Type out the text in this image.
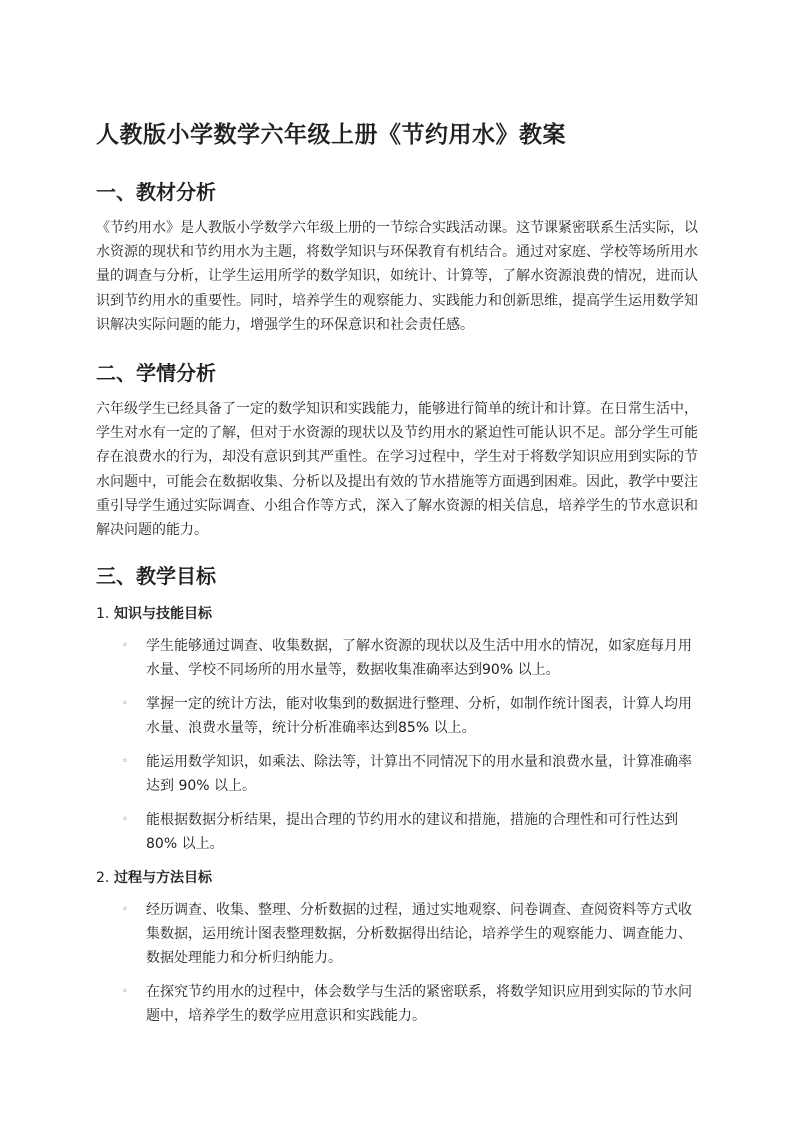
人教版小学数学六年级上册《节约用水》教案
一、教材分析

《节约用水》是人教版小学数学六年级上册的一节综合实践活动课。这节课紧密联系生活实际，以水资源的现状和节约用水为主题，将数学知识与环保教育有机结合。通过对家庭、学校等场所用水量的调查与分析，让学生运用所学的数学知识，如统计、计算等，了解水资源浪费的情况，进而认识到节约用水的重要性。同时，培养学生的观察能力、实践能力和创新思维，提高学生运用数学知识解决实际问题的能力，增强学生的环保意识和社会责任感。

二、学情分析

六年级学生已经具备了一定的数学知识和实践能力，能够进行简单的统计和计算。在日常生活中，学生对水有一定的了解，但对于水资源的现状以及节约用水的紧迫性可能认识不足。部分学生可能存在浪费水的行为，却没有意识到其严重性。在学习过程中，学生对于将数学知识应用到实际的节水问题中，可能会在数据收集、分析以及提出有效的节水措施等方面遇到困难。因此，教学中要注重引导学生通过实际调查、小组合作等方式，深入了解水资源的相关信息，培养学生的节水意识和解决问题的能力。

三、教学目标
1. 知识与技能目标
◦	学生能够通过调查、收集数据，了解水资源的现状以及生活中用水的情况，如家庭每月用水量、学校不同场所的用水量等，数据收集准确率达到90% 以上。
◦	掌握一定的统计方法，能对收集到的数据进行整理、分析，如制作统计图表，计算人均用水量、浪费水量等，统计分析准确率达到85% 以上。
◦	能运用数学知识，如乘法、除法等，计算出不同情况下的用水量和浪费水量，计算准确率达到 90% 以上。
◦	能根据数据分析结果，提出合理的节约用水的建议和措施，措施的合理性和可行性达到 80% 以上。
2. 过程与方法目标
◦	经历调查、收集、整理、分析数据的过程，通过实地观察、问卷调查、查阅资料等方式收集数据，运用统计图表整理数据，分析数据得出结论，培养学生的观察能力、调查能力、数据处理能力和分析归纳能力。
◦	在探究节约用水的过程中，体会数学与生活的紧密联系，将数学知识应用到实际的节水问题中，培养学生的数学应用意识和实践能力。
